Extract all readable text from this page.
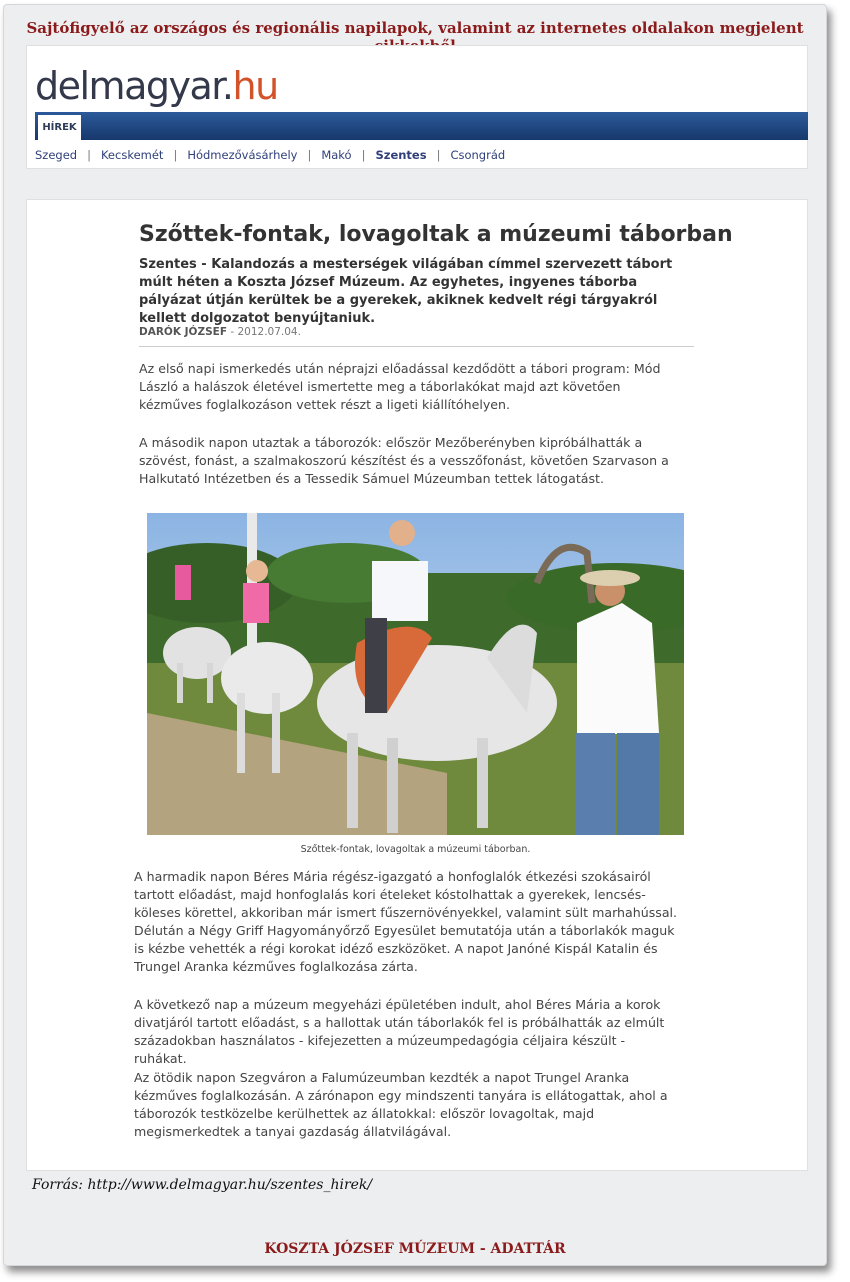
Sajtófigyelő az országos és regionális napilapok, valamint az internetes oldalakon megjelent
delmagyar.hu
HÍREK
Szeged | Kecskemét | Hódmezővásárhely | Makó | Szentes | Csongrád
Szőttek-fontak, lovagoltak a múzeumi táborban
Szentes - Kalandozás a mesterségek világában címmel szervezett tábort múlt héten a Koszta József Múzeum. Az egyhetes, ingyenes táborba pályázat útján kerültek be a gyerekek, akiknek kedvelt régi tárgyakról kellett dolgozatot benyújtaniuk.
DARÓK JÓZSEF - 2012.07.04.

Az első napi ismerkedés után néprajzi előadással kezdődött a tábori program: Mód László a halászok életével ismertette meg a táborlakókat majd azt követően kézműves foglalkozáson vettek részt a ligeti kiállítóhelyen.

A második napon utaztak a táborozók: először Mezőberényben kipróbálhatták a szövést, fonást, a szalmakoszorú készítést és a vesszőfonást, követően Szarvason a Halkutató Intézetben és a Tessedik Sámuel Múzeumban tettek látogatást.

Szőttek-fontak, lovagoltak a múzeumi táborban.

A harmadik napon Béres Mária régész-igazgató a honfoglalók étkezési szokásairól tartott előadást, majd honfoglalás kori ételeket kóstolhattak a gyerekek, lencsés-köleses körettel, akkoriban már ismert fűszernövényekkel, valamint sült marhahússal. Délután a Négy Griff Hagyományőrző Egyesület bemutatója után a táborlakók maguk is kézbe vehették a régi korokat idéző eszközöket. A napot Janóné Kispál Katalin és Trungel Aranka kézműves foglalkozása zárta.

A következő nap a múzeum megyeházi épületében indult, ahol Béres Mária a korok divatjáról tartott előadást, s a hallottak után táborlakók fel is próbálhatták az elmúlt századokban használatos - kifejezetten a múzeumpedagógia céljaira készült - ruhákat.

Az ötödik napon Szegváron a Falumúzeumban kezdték a napot Trungel Aranka kézműves foglalkozásán. A zárónapon egy mindszenti tanyára is ellátogattak, ahol a táborozók testközelbe kerülhettek az állatokkal: először lovagoltak, majd megismerkedtek a tanyai gazdaság állatvilágával.

Forrás: http://www.delmagyar.hu/szentes_hirek/
KOSZTA JÓZSEF MÚZEUM - ADATTÁR
